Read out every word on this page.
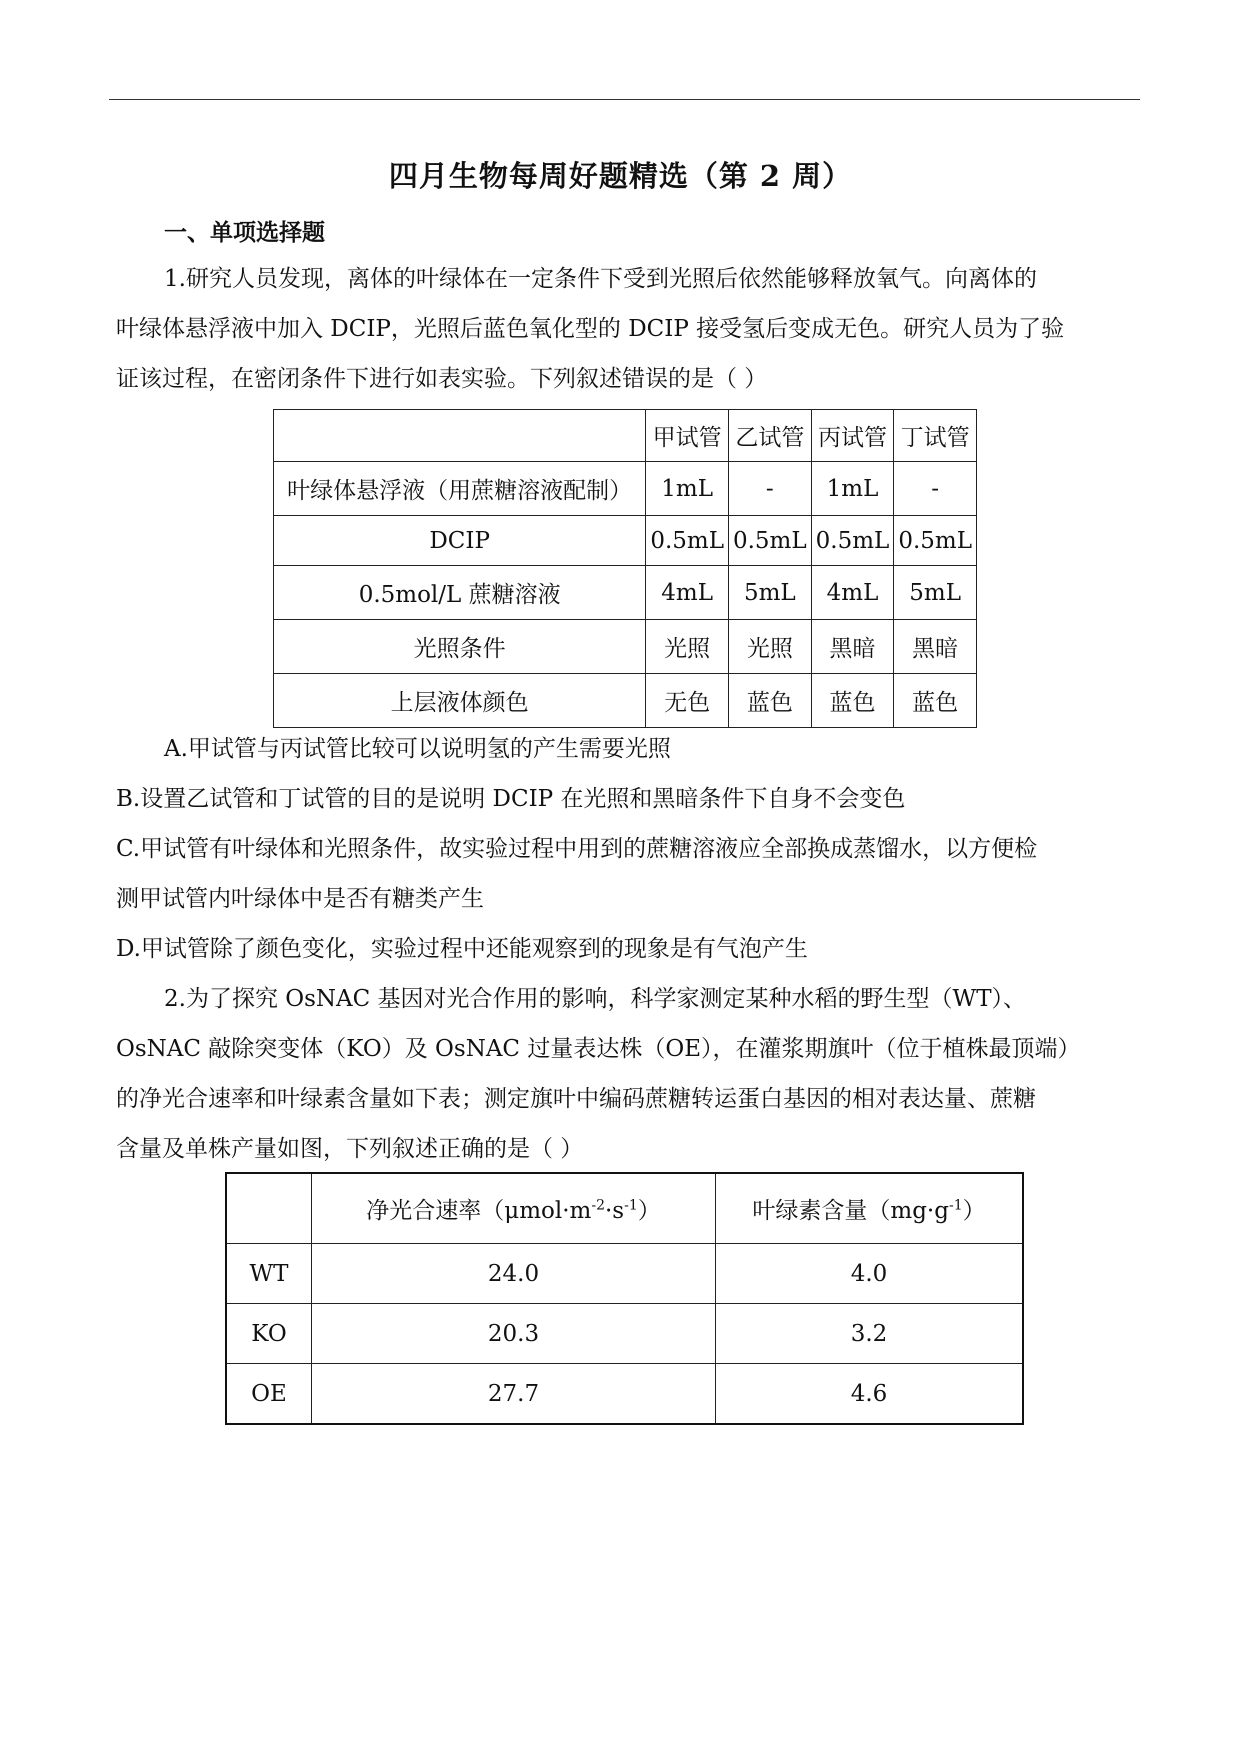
四月生物每周好题精选（第 2 周）
一、单项选择题
1.研究人员发现，离体的叶绿体在一定条件下受到光照后依然能够释放氧气。向离体的
叶绿体悬浮液中加入 DCIP，光照后蓝色氧化型的 DCIP 接受氢后变成无色。研究人员为了验
证该过程，在密闭条件下进行如表实验。下列叙述错误的是（ ）
	甲试管	乙试管	丙试管	丁试管
叶绿体悬浮液（用蔗糖溶液配制）	1mL	-	1mL	-
DCIP	0.5mL	0.5mL	0.5mL	0.5mL
0.5mol/L 蔗糖溶液	4mL	5mL	4mL	5mL
光照条件	光照	光照	黑暗	黑暗
上层液体颜色	无色	蓝色	蓝色	蓝色
A.甲试管与丙试管比较可以说明氢的产生需要光照
B.设置乙试管和丁试管的目的是说明 DCIP 在光照和黑暗条件下自身不会变色
C.甲试管有叶绿体和光照条件，故实验过程中用到的蔗糖溶液应全部换成蒸馏水，以方便检
测甲试管内叶绿体中是否有糖类产生
D.甲试管除了颜色变化，实验过程中还能观察到的现象是有气泡产生
2.为了探究 OsNAC 基因对光合作用的影响，科学家测定某种水稻的野生型（WT）、
OsNAC 敲除突变体（KO）及 OsNAC 过量表达株（OE），在灌浆期旗叶（位于植株最顶端）
的净光合速率和叶绿素含量如下表；测定旗叶中编码蔗糖转运蛋白基因的相对表达量、蔗糖
含量及单株产量如图，下列叙述正确的是（ ）
	净光合速率$(\mu mol\cdot m^{-2}\cdot s^{-1})$	叶绿素含量$(mg\cdot g^{-1})$
WT	24.0	4.0
KO	20.3	3.2
OE	27.7	4.6
